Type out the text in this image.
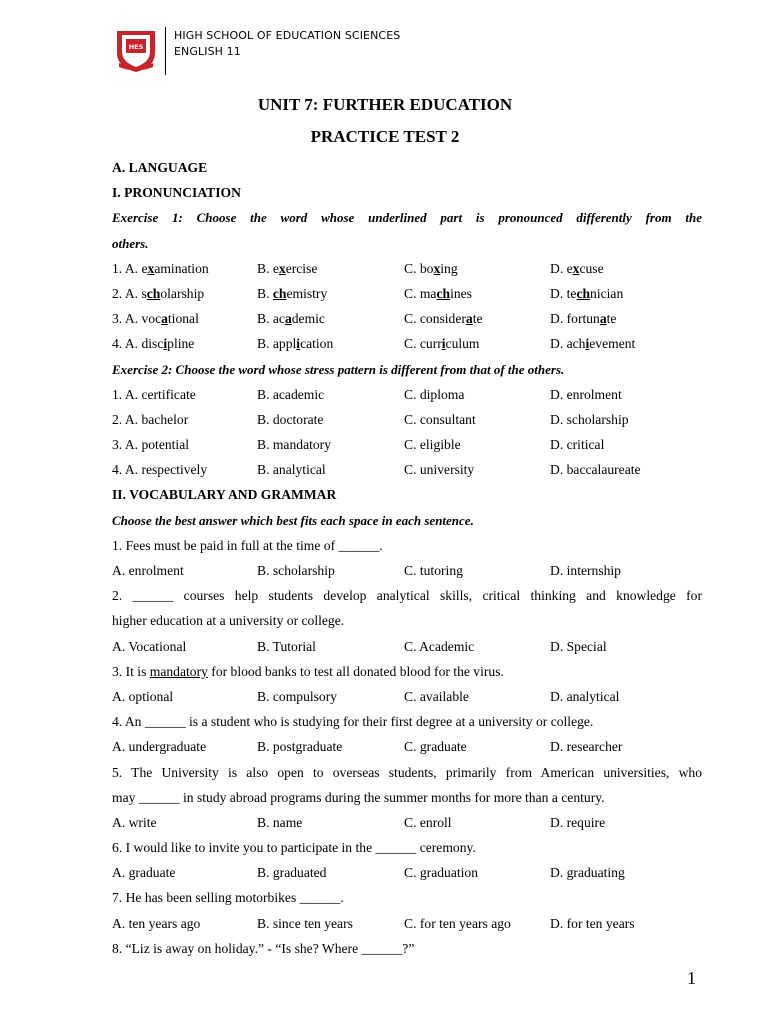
HES
HIGH SCHOOL OF EDUCATION SCIENCES
ENGLISH 11
UNIT 7: FURTHER EDUCATION
PRACTICE TEST 2
A. LANGUAGE
I. PRONUNCIATION
Exercise 1: Choose the word whose underlined part is pronounced differently from the
others.
1. A. examination	B. exercise	C. boxing	D. excuse
2. A. scholarship	B. chemistry	C. machines	D. technician
3. A. vocational	B. academic	C. considerate	D. fortunate
4. A. discipline	B. application	C. curriculum	D. achievement
Exercise 2: Choose the word whose stress pattern is different from that of the others.
1. A. certificate	B. academic	C. diploma	D. enrolment
2. A. bachelor	B. doctorate	C. consultant	D. scholarship
3. A. potential	B. mandatory	C. eligible	D. critical
4. A. respectively	B. analytical	C. university	D. baccalaureate
II. VOCABULARY AND GRAMMAR
Choose the best answer which best fits each space in each sentence.
1. Fees must be paid in full at the time of ______.
A. enrolment	B. scholarship	C. tutoring	D. internship
2. ______ courses help students develop analytical skills, critical thinking and knowledge for
higher education at a university or college.
A. Vocational	B. Tutorial	C. Academic	D. Special
3. It is mandatory for blood banks to test all donated blood for the virus.
A. optional	B. compulsory	C. available	D. analytical
4. An ______ is a student who is studying for their first degree at a university or college.
A. undergraduate	B. postgraduate	C. graduate	D. researcher
5. The University is also open to overseas students, primarily from American universities, who
may ______ in study abroad programs during the summer months for more than a century.
A. write	B. name	C. enroll	D. require
6. I would like to invite you to participate in the ______ ceremony.
A. graduate	B. graduated	C. graduation	D. graduating
7. He has been selling motorbikes ______.
A. ten years ago	B. since ten years	C. for ten years ago	D. for ten years
8. “Liz is away on holiday.” - “Is she? Where ______?”
1
